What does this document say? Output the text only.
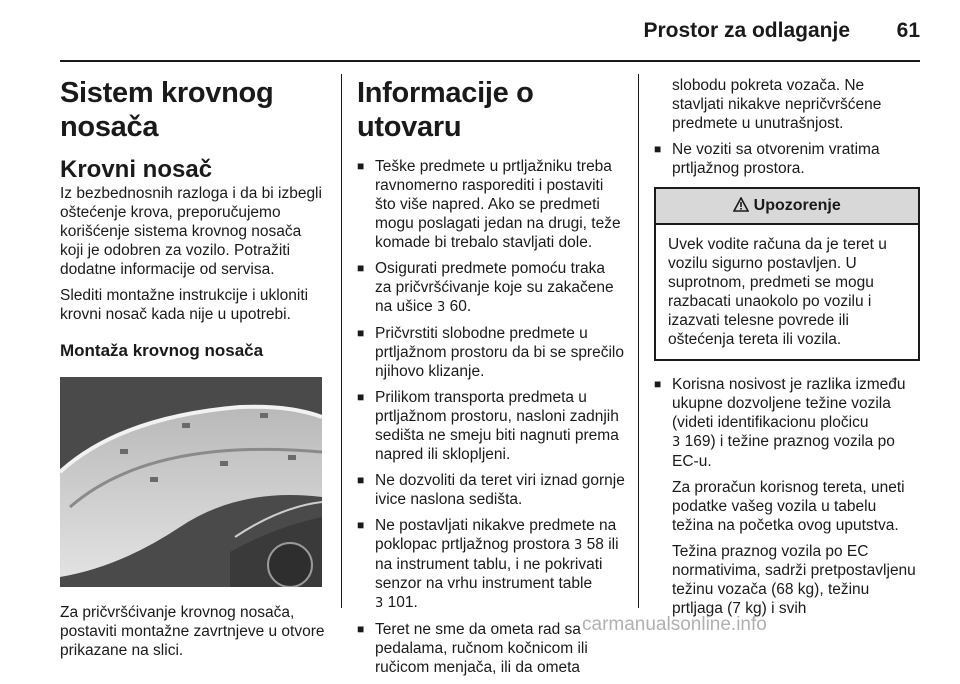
Prostor za odlaganje 61
Sistem krovnog nosača
Krovni nosač

Iz bezbednosnih razloga i da bi izbegli oštećenje krova, preporučujemo korišćenje sistema krovnog nosača koji je odobren za vozilo. Potražiti dodatne informacije od servisa.

Slediti montažne instrukcije i ukloniti krovni nosač kada nije u upotrebi.

Montaža krovnog nosača

Za pričvršćivanje krovnog nosača, postaviti montažne zavrtnjeve u otvore prikazane na slici.

Informacije o utovaru
■ Teške predmete u prtljažniku treba ravnomerno rasporediti i postaviti što više napred. Ako se predmeti mogu poslagati jedan na drugi, teže komade bi trebalo stavljati dole.
■ Osigurati predmete pomoću traka za pričvršćivanje koje su zakačene na ušice 3 60.
■ Pričvrstiti slobodne predmete u prtljažnom prostoru da bi se sprečilo njihovo klizanje.
■ Prilikom transporta predmeta u prtljažnom prostoru, nasloni zadnjih sedišta ne smeju biti nagnuti prema napred ili sklopljeni.
■ Ne dozvoliti da teret viri iznad gornje ivice naslona sedišta.
■ Ne postavljati nikakve predmete na poklopac prtljažnog prostora 3 58 ili na instrument tablu, i ne pokrivati senzor na vrhu instrument table
3 101.
■ Teret ne sme da ometa rad sa pedalama, ručnom kočnicom ili ručicom menjača, ili da ometa
slobodu pokreta vozača. Ne stavljati nikakve nepričvršćene predmete u unutrašnjost.
■ Ne voziti sa otvorenim vratima prtljažnog prostora.
Upozorenje
Uvek vodite računa da je teret u vozilu sigurno postavljen. U suprotnom, predmeti se mogu razbacati unaokolo po vozilu i izazvati telesne povrede ili oštećenja tereta ili vozila.
■ Korisna nosivost je razlika između ukupne dozvoljene težine vozila (videti identifikacionu pločicu
3 169) i težine praznog vozila po EC-u.

Za proračun korisnog tereta, uneti podatke vašeg vozila u tabelu težina na početka ovog uputstva.

Težina praznog vozila po EC normativima, sadrži pretpostavljenu težinu vozača (68 kg), težinu prtljaga (7 kg) i svih

carmanualsonline.info
